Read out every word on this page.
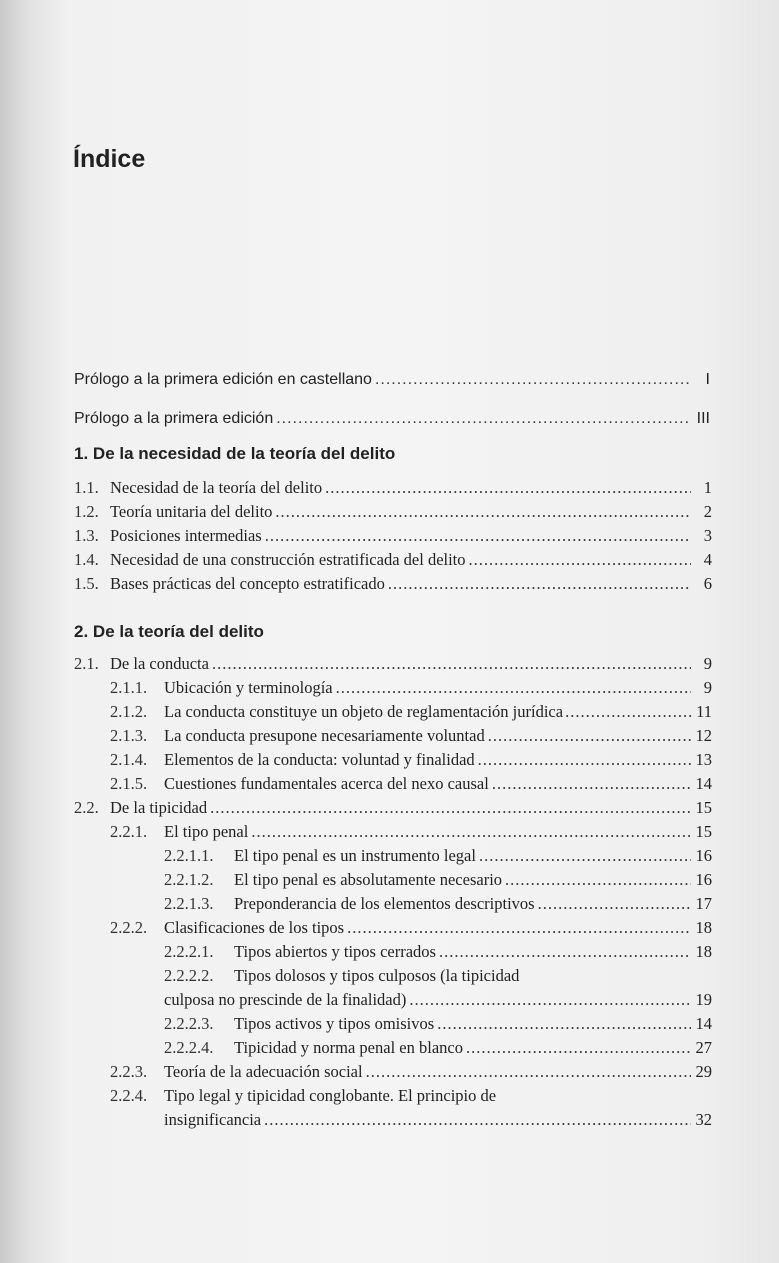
Índice
Prólogo a la primera edición en castellano .....	I
Prólogo a la primera edición .....	III
1. De la necesidad de la teoría del delito
1.1. Necesidad de la teoría del delito .....	1
1.2. Teoría unitaria del delito .....	2
1.3. Posiciones intermedias .....	3
1.4. Necesidad de una construcción estratificada del delito .....	4
1.5. Bases prácticas del concepto estratificado .....	6
2. De la teoría del delito
2.1. De la conducta .....	9
2.1.1.	Ubicación y terminología .....	9
2.1.2.	La conducta constituye un objeto de reglamentación jurídica .....	11
2.1.3.	La conducta presupone necesariamente voluntad .....	12
2.1.4.	Elementos de la conducta: voluntad y finalidad .....	13
2.1.5.	Cuestiones fundamentales acerca del nexo causal .....	14
2.2. De la tipicidad .....	15
2.2.1.	El tipo penal .....	15
2.2.1.1.	El tipo penal es un instrumento legal .....	16
2.2.1.2.	El tipo penal es absolutamente necesario .....	16
2.2.1.3.	Preponderancia de los elementos descriptivos .....	17
2.2.2.	Clasificaciones de los tipos .....	18
2.2.2.1.	Tipos abiertos y tipos cerrados .....	18
2.2.2.2.	Tipos dolosos y tipos culposos (la tipicidad
culposa no prescinde de la finalidad) .....	19
2.2.2.3.	Tipos activos y tipos omisivos .....	14
2.2.2.4.	Tipicidad y norma penal en blanco .....	27
2.2.3.	Teoría de la adecuación social .....	29
2.2.4.	Tipo legal y tipicidad conglobante. El principio de
insignificancia .....	32
